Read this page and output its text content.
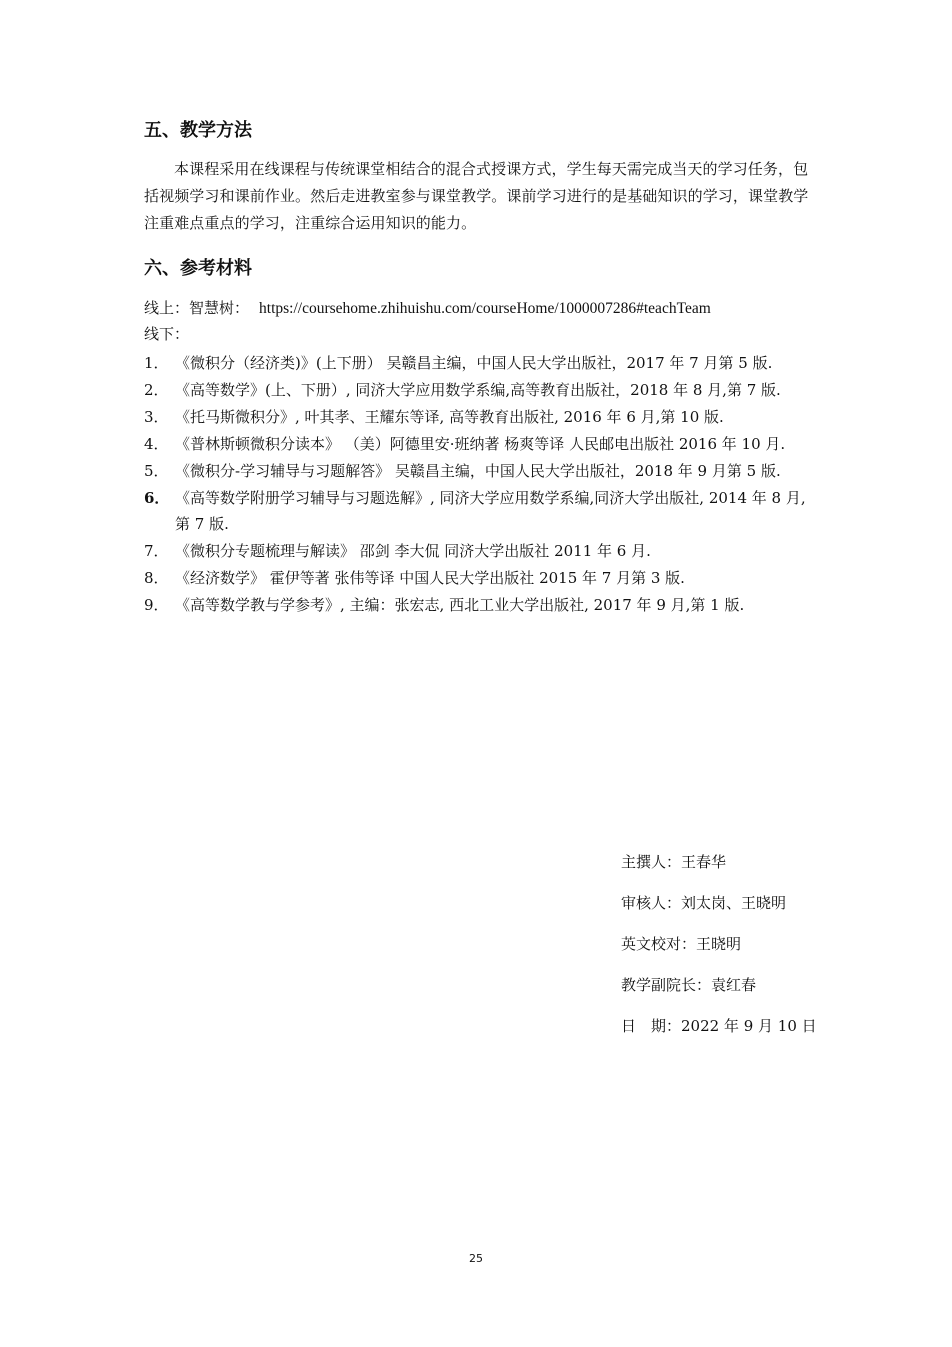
五、教学方法

本课程采用在线课程与传统课堂相结合的混合式授课方式，学生每天需完成当天的学习任务，包括视频学习和课前作业。然后走进教室参与课堂教学。课前学习进行的是基础知识的学习，课堂教学注重难点重点的学习，注重综合运用知识的能力。

六、参考材料
线上：智慧树： https://coursehome.zhihuishu.com/courseHome/1000007286#teachTeam
线下：
1． 《微积分（经济类)》(上下册） 吴赣昌主编，中国人民大学出版社，2017 年 7 月第 5 版.
2． 《高等数学》(上、下册）, 同济大学应用数学系编,高等教育出版社，2018 年 8 月,第 7 版.
3． 《托马斯微积分》, 叶其孝、王耀东等译, 高等教育出版社, 2016 年 6 月,第 10 版.
4． 《普林斯顿微积分读本》 （美）阿德里安·班纳著 杨爽等译 人民邮电出版社 2016 年 10 月.
5． 《微积分-学习辅导与习题解答》 吴赣昌主编，中国人民大学出版社，2018 年 9 月第 5 版.
6． 《高等数学附册学习辅导与习题选解》, 同济大学应用数学系编,同济大学出版社, 2014 年 8 月,第 7 版.
7． 《微积分专题梳理与解读》 邵剑 李大侃 同济大学出版社 2011 年 6 月.
8． 《经济数学》 霍伊等著 张伟等译 中国人民大学出版社 2015 年 7 月第 3 版.
9． 《高等数学教与学参考》, 主编：张宏志, 西北工业大学出版社, 2017 年 9 月,第 1 版.
主撰人：王春华
审核人：刘太岗、王晓明
英文校对：王晓明
教学副院长：袁红春
日　期：2022 年 9 月 10 日
25
